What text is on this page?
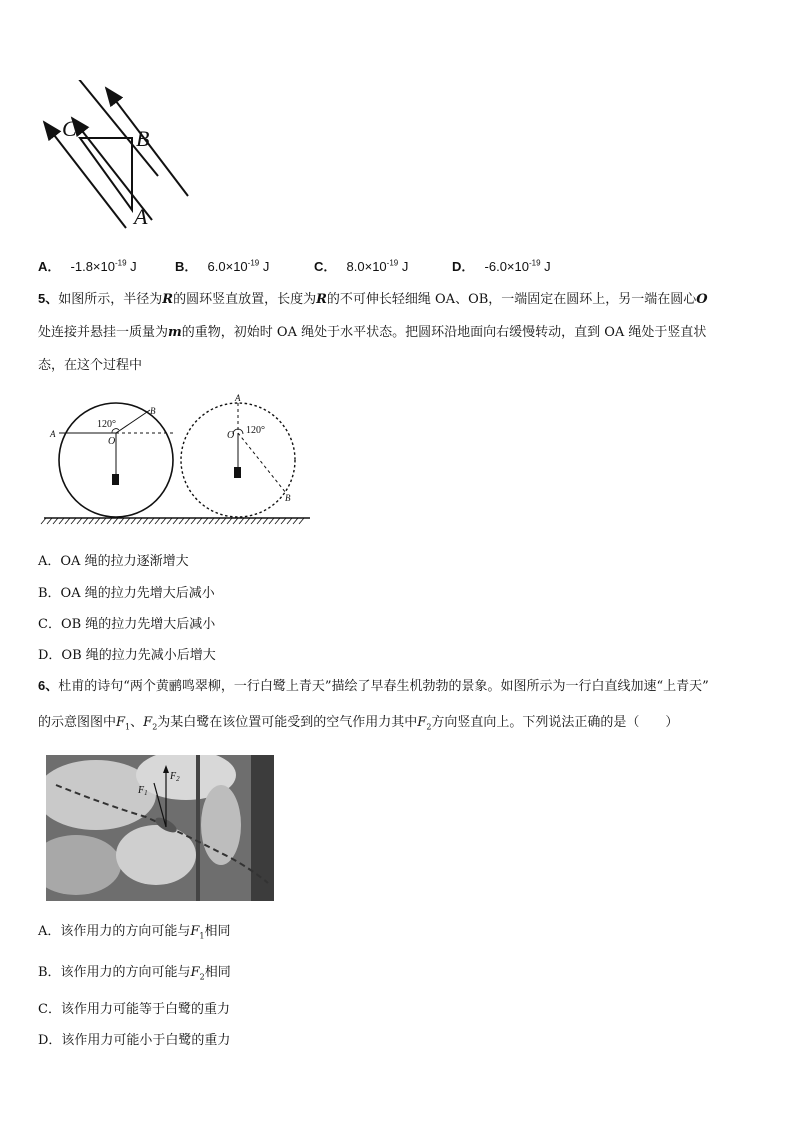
C	B
A
A． $-1.8\times 10^{-19}$ J	B． $6.0\times 10^{-19}$ J	C． $8.0\times 10^{-19}$ J	D． $-6.0\times 10^{-19}$ J
5、如图所示，半径为R的圆环竖直放置，长度为R的不可伸长轻细绳 OA、OB，一端固定在圆环上，另一端在圆心O
处连接并悬挂一质量为m的重物，初始时 OA 绳处于水平状态。把圆环沿地面向右缓慢转动，直到 OA 绳处于竖直状
态，在这个过程中
A
B
O
120°
A
B
O 120°
A．OA 绳的拉力逐渐增大
B．OA 绳的拉力先增大后减小
C．OB 绳的拉力先增大后减小
D．OB 绳的拉力先减小后增大
6、杜甫的诗句“两个黄鹂鸣翠柳，一行白鹭上青天”描绘了早春生机勃勃的景象。如图所示为一行白直线加速“上青天”
的示意图图中$F_1$、$F_2$为某白鹭在该位置可能受到的空气作用力其中$F_2$方向竖直向上。下列说法正确的是（　　）
$F_2$
$F_1$
A．该作用力的方向可能与$F_1$相同
B．该作用力的方向可能与$F_2$相同
C．该作用力可能等于白鹭的重力
D．该作用力可能小于白鹭的重力
